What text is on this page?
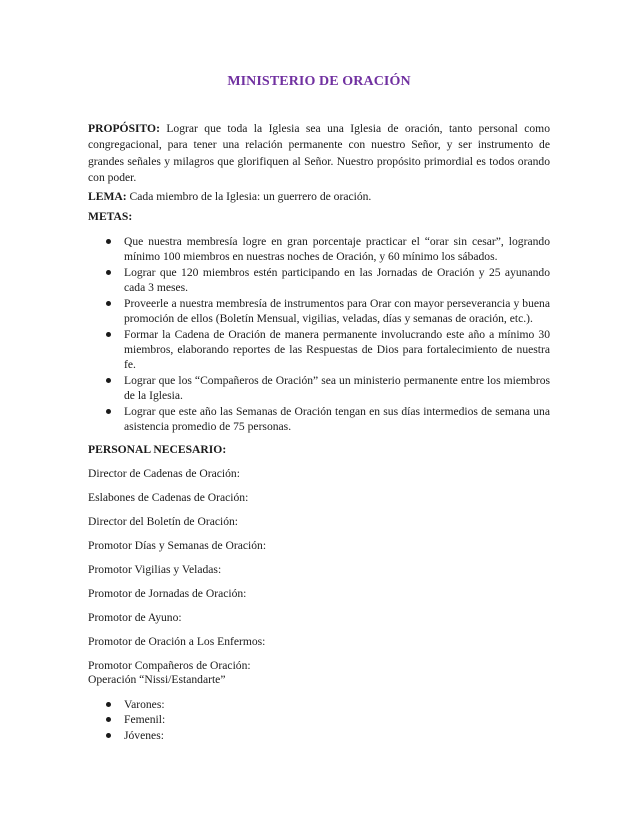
MINISTERIO DE ORACIÓN

PROPÓSITO: Lograr que toda la Iglesia sea una Iglesia de oración, tanto personal como congregacional, para tener una relación permanente con nuestro Señor, y ser instrumento de grandes señales y milagros que glorifiquen al Señor. Nuestro propósito primordial es todos orando con poder.

LEMA: Cada miembro de la Iglesia: un guerrero de oración.

METAS:
Que nuestra membresía logre en gran porcentaje practicar el “orar sin cesar”, logrando mínimo 100 miembros en nuestras noches de Oración, y 60 mínimo los sábados.
Lograr que 120 miembros estén participando en las Jornadas de Oración y 25 ayunando cada 3 meses.
Proveerle a nuestra membresía de instrumentos para Orar con mayor perseverancia y buena promoción de ellos (Boletín Mensual, vigilias, veladas, días y semanas de oración, etc.).
Formar la Cadena de Oración de manera permanente involucrando este año a mínimo 30 miembros, elaborando reportes de las Respuestas de Dios para fortalecimiento de nuestra fe.
Lograr que los “Compañeros de Oración” sea un ministerio permanente entre los miembros de la Iglesia.
Lograr que este año las Semanas de Oración tengan en sus días intermedios de semana una asistencia promedio de 75 personas.
PERSONAL NECESARIO:
Director de Cadenas de Oración:
Eslabones de Cadenas de Oración:
Director del Boletín de Oración:
Promotor Días y Semanas de Oración:
Promotor Vigilias y Veladas:
Promotor de Jornadas de Oración:
Promotor de Ayuno:
Promotor de Oración a Los Enfermos:
Promotor Compañeros de Oración:
Operación “Nissi/Estandarte”
Varones:
Femenil:
Jóvenes:
